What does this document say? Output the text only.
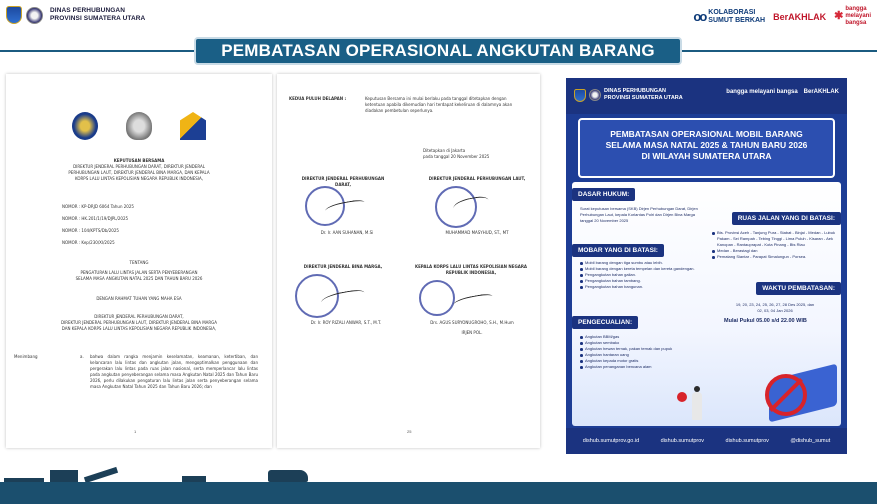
DINAS PERHUBUNGAN
PROVINSI SUMATERA UTARA	oo KOLABORASI
SUMUT BERKAH BerAKHLAK ✱
bangga
melayani
bangsa
PEMBATASAN OPERASIONAL ANGKUTAN BARANG
KEPUTUSAN BERSAMA
DIREKTUR JENDERAL PERHUBUNGAN DARAT, DIREKTUR JENDERAL
PERHUBUNGAN LAUT, DIREKTUR JENDERAL BINA MARGA, DAN KEPALA
KORPS LALU LINTAS KEPOLISIAN NEGARA REPUBLIK INDONESIA,
NOMOR : KP-DRJD 6064 Tahun 2025
NOMOR : HK.201/1/19/DJPL/2025
NOMOR : 104/KPTS/Db/2025
NOMOR : Kep/230/XI/2025
TENTANG
PENGATURAN LALU LINTAS JALAN SERTA PENYEBERANGAN
SELAMA MASA ANGKUTAN NATAL 2025 DAN TAHUN BARU 2026
DENGAN RAHMAT TUHAN YANG MAHA ESA
DIREKTUR JENDERAL PERHUBUNGAN DARAT,
DIREKTUR JENDERAL PERHUBUNGAN LAUT, DIREKTUR JENDERAL BINA MARGA
DAN KEPALA KORPS LALU LINTAS KEPOLISIAN NEGARA REPUBLIK INDONESIA,
Menimbang	a. bahwa dalam rangka menjamin keselamatan, keamanan, ketertiban, dan kelancaran lalu lintas dan angkutan jalan, mengoptimalkan penggunaan dan pergerakan lalu lintas pada ruas jalan nasional, serta memperlancar lalu lintas pada angkutan penyeberangan selama masa Angkutan Natal 2025 dan Tahun Baru 2026, perlu dilakukan pengaturan lalu lintas jalan serta penyeberangan selama masa Angkutan Natal Tahun 2025 dan Tahun Baru 2026; dan
1
KEDUA PULUH DELAPAN :	Keputusan Bersama ini mulai berlaku pada tanggal ditetapkan dengan ketentuan apabila dikemudian hari terdapat kekeliruan di dalamnya akan diadakan pembetulan seperlunya.
Ditetapkan di Jakarta
pada tanggal 20 November 2025
DIREKTUR JENDERAL PERHUBUNGAN DARAT,
Dr. Ir. AAN SUHANAN, M.Si
DIREKTUR JENDERAL PERHUBUNGAN LAUT,
MUHAMMAD MASYHUD, ST., MT
DIREKTUR JENDERAL BINA MARGA,
Dr. Ir. ROY RIZALI ANWAR, S.T., M.T.
KEPALA KORPS LALU LINTAS KEPOLISIAN NEGARA REPUBLIK INDONESIA,
Drs. AGUS SURYONUGROHO, S.H., M.Hum
IRJEN POL.
25
DINAS PERHUBUNGAN
PROVINSI SUMATERA UTARA
bangga melayani bangsa BerAKHLAK
PEMBATASAN OPERASIONAL MOBIL BARANG
SELAMA MASA NATAL 2025 & TAHUN BARU 2026
DI WILAYAH SUMATERA UTARA
DASAR HUKUM:
Surat keputusan bersama (SKB) Dirjen Perhubungan Darat, Dirjen Perhubungan Laut, kepala Korlantas Polri dan Dirjen Bina Marga tanggal 20 November 2025	RUAS JALAN YANG DI BATASI:
Bts. Provinsi Aceh - Tanjung Pura - Stabat - Binjai - Medan - Lubuk Pakam - Sei Rampah - Tebing Tinggi - Lima Puluh - Kisaran - Aek Kanopan - Rantauprapat - Kota Pinang - Bts Riau
Medan - Berastagi dan
Pematang Siantar - Parapat Simalungun - Porsea.
MOBAR YANG DI BATASI:
Mobil barang dengan tiga sumbu atau lebih.
Mobil barang dengan kereta tempelan dan kereta gandengan.
Pengangkutan bahan galian.
Pengangkutan bahan tambang.
Pengangkutan bahan bangunan.	WAKTU PEMBATASAN:
19, 20, 23, 24, 25, 26, 27, 28 Des 2025, dan
02, 03, 04 Jan 2026
Mulai Pukul 05.00 s/d 22.00 WIB
PENGECUALIAN:
Angkutan BBM/gas
Angkutan sembako
Angkutan hewan ternak, pakan ternak dan pupuk
Angkutan hantaran uang
Angkutan kepada motor gratis
Angkutan penanganan bencana alam
dishub.sumutprov.go.id	dishub.sumutprov	dishub.sumutprov	@dishub_sumut
